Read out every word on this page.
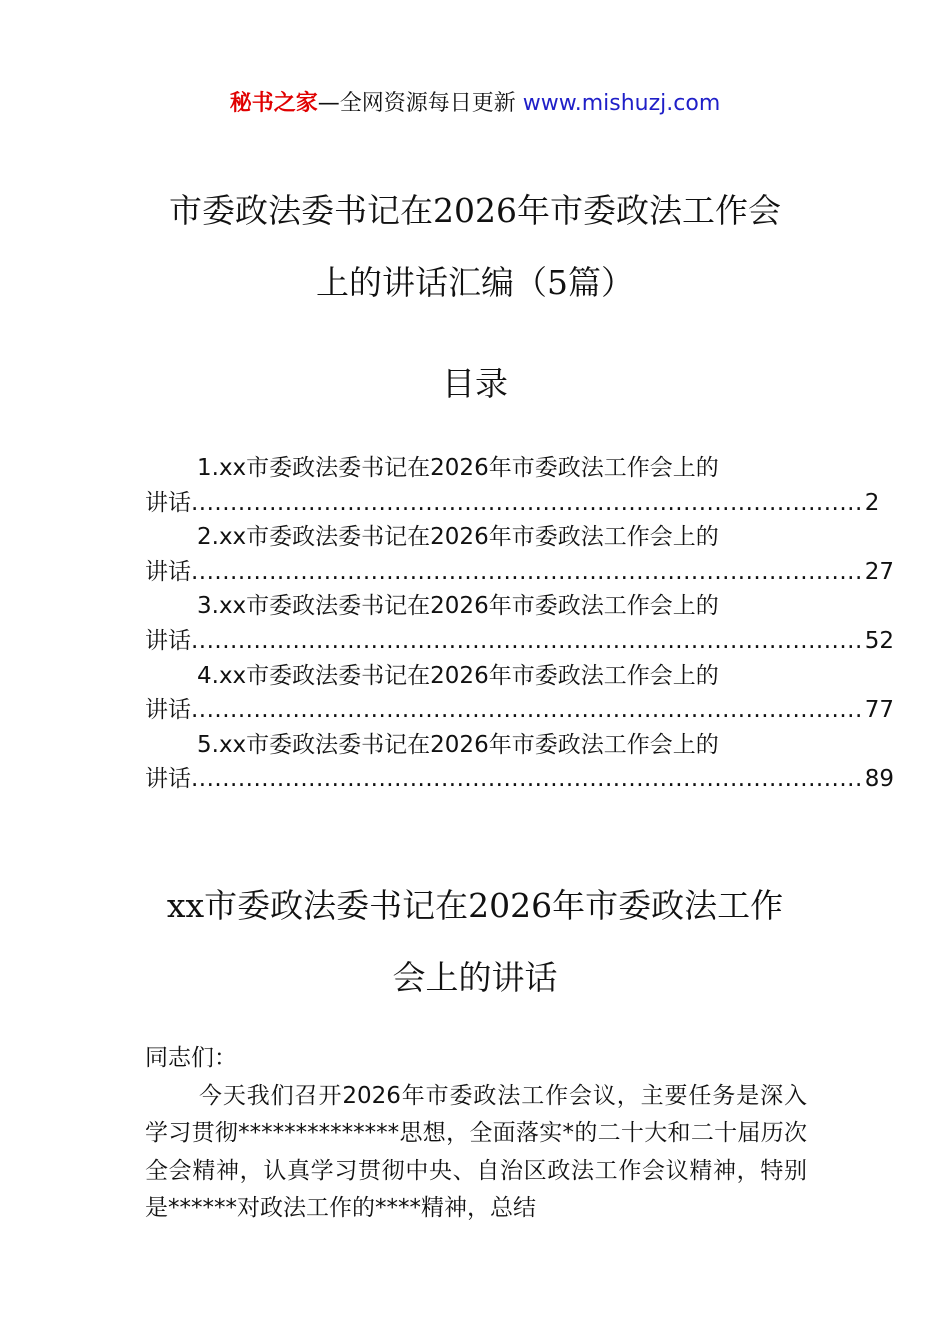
秘书之家—全网资源每日更新 www.mishuzj.com
市委政法委书记在2026年市委政法工作会
上的讲话汇编（5篇）
目录
1.xx市委政法委书记在2026年市委政法工作会上的
讲话 ...................................................................................... 2
2.xx市委政法委书记在2026年市委政法工作会上的
讲话 ...................................................................................... 27
3.xx市委政法委书记在2026年市委政法工作会上的
讲话 ...................................................................................... 52
4.xx市委政法委书记在2026年市委政法工作会上的
讲话 ...................................................................................... 77
5.xx市委政法委书记在2026年市委政法工作会上的
讲话 ...................................................................................... 89
xx市委政法委书记在2026年市委政法工作
会上的讲话

同志们：

今天我们召开2026年市委政法工作会议，主要任务是深入学习贯彻**************思想，全面落实*的二十大和二十届历次全会精神，认真学习贯彻中央、自治区政法工作会议精神，特别是******对政法工作的****精神，总结
